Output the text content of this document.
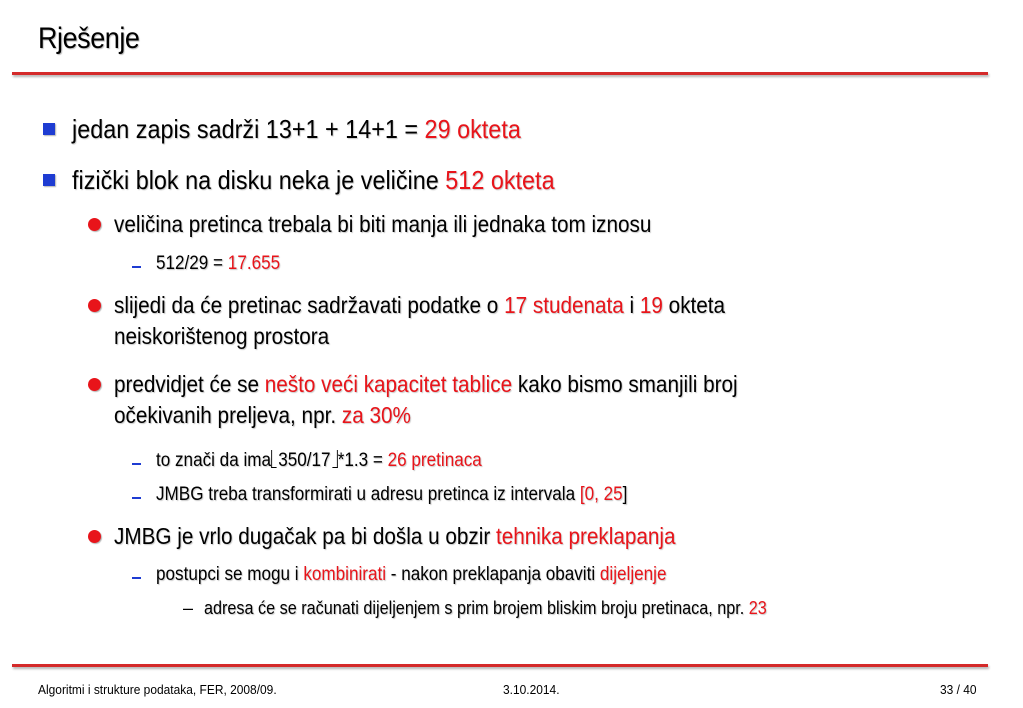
Rješenje
jedan zapis sadrži 13+1 + 14+1 = 29 okteta
fizički blok na disku neka je veličine 512 okteta
veličina pretinca trebala bi biti manja ili jednaka tom iznosu
512/29 = 17.655
slijedi da će pretinac sadržavati podatke o 17 studenata i 19 okteta
neiskorištenog prostora
predvidjet će se nešto veći kapacitet tablice kako bismo smanjili broj
očekivanih preljeva, npr. za 30%
to znači da ima 350/17 *1.3 = 26 pretinaca
JMBG treba transformirati u adresu pretinca iz intervala [0, 25]
JMBG je vrlo dugačak pa bi došla u obzir tehnika preklapanja
postupci se mogu i kombinirati - nakon preklapanja obaviti dijeljenje
– adresa će se računati dijeljenjem s prim brojem bliskim broju pretinaca, npr. 23
Algoritmi i strukture podataka, FER, 2008/09.	3.10.2014.	33 / 40
